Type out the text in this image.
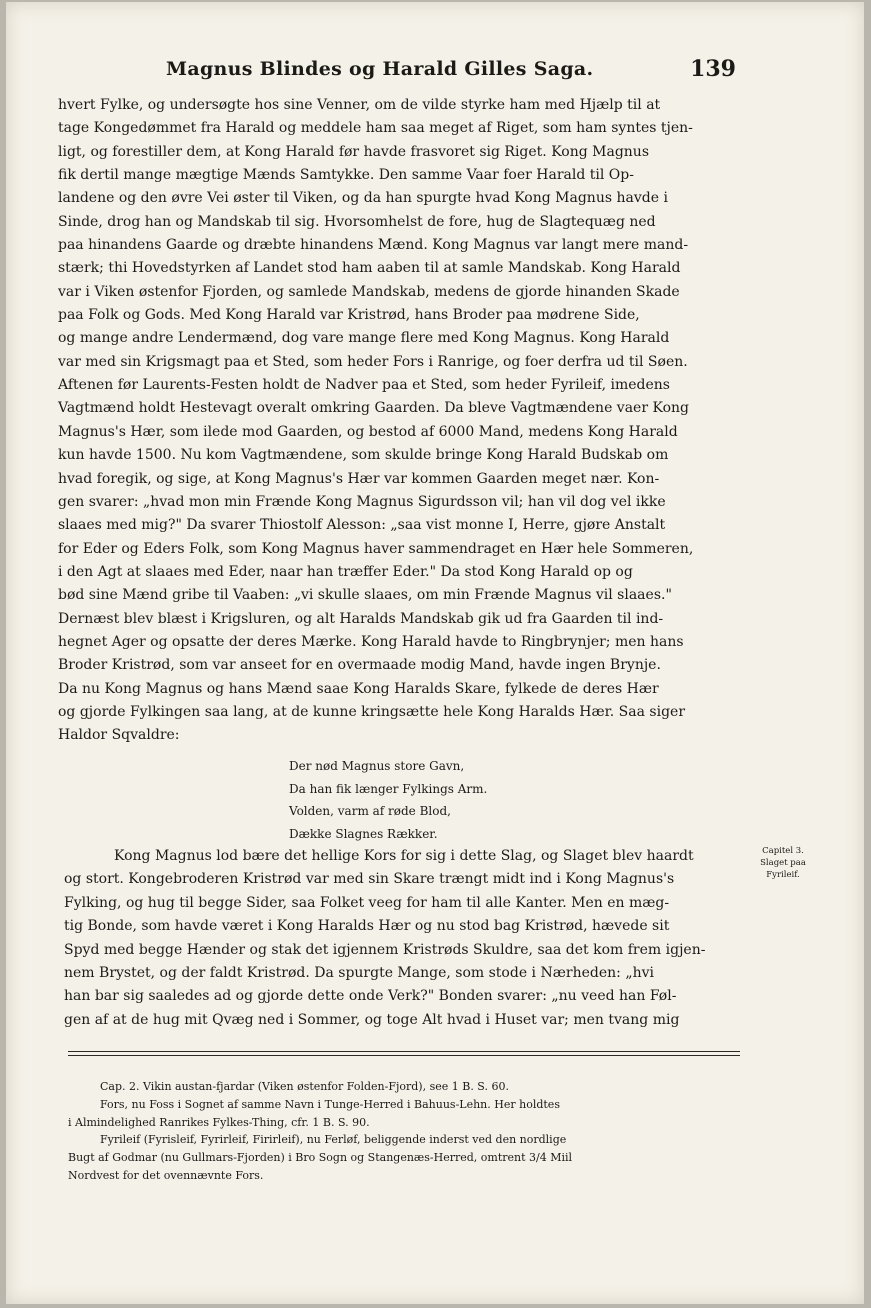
Magnus Blindes og Harald Gilles Saga.	139
hvert Fylke, og undersøgte hos sine Venner, om de vilde styrke ham med Hjælp til at
tage Kongedømmet fra Harald og meddele ham saa meget af Riget, som ham syntes tjen-
ligt, og forestiller dem, at Kong Harald før havde frasvoret sig Riget. Kong Magnus
fik dertil mange mægtige Mænds Samtykke. Den samme Vaar foer Harald til Op-
landene og den øvre Vei øster til Viken, og da han spurgte hvad Kong Magnus havde i
Sinde, drog han og Mandskab til sig. Hvorsomhelst de fore, hug de Slagtequæg ned
paa hinandens Gaarde og dræbte hinandens Mænd. Kong Magnus var langt mere mand-
stærk; thi Hovedstyrken af Landet stod ham aaben til at samle Mandskab. Kong Harald
var i Viken østenfor Fjorden, og samlede Mandskab, medens de gjorde hinanden Skade
paa Folk og Gods. Med Kong Harald var Kristrød, hans Broder paa mødrene Side,
og mange andre Lendermænd, dog vare mange flere med Kong Magnus. Kong Harald
var med sin Krigsmagt paa et Sted, som heder Fors i Ranrige, og foer derfra ud til Søen.
Aftenen før Laurents-Festen holdt de Nadver paa et Sted, som heder Fyrileif, imedens
Vagtmænd holdt Hestevagt overalt omkring Gaarden. Da bleve Vagtmændene vaer Kong
Magnus's Hær, som ilede mod Gaarden, og bestod af 6000 Mand, medens Kong Harald
kun havde 1500. Nu kom Vagtmændene, som skulde bringe Kong Harald Budskab om
hvad foregik, og sige, at Kong Magnus's Hær var kommen Gaarden meget nær. Kon-
gen svarer: „hvad mon min Frænde Kong Magnus Sigurdsson vil; han vil dog vel ikke
slaaes med mig?" Da svarer Thiostolf Alesson: „saa vist monne I, Herre, gjøre Anstalt
for Eder og Eders Folk, som Kong Magnus haver sammendraget en Hær hele Sommeren,
i den Agt at slaaes med Eder, naar han træffer Eder." Da stod Kong Harald op og
bød sine Mænd gribe til Vaaben: „vi skulle slaaes, om min Frænde Magnus vil slaaes."
Dernæst blev blæst i Krigsluren, og alt Haralds Mandskab gik ud fra Gaarden til ind-
hegnet Ager og opsatte der deres Mærke. Kong Harald havde to Ringbrynjer; men hans
Broder Kristrød, som var anseet for en overmaade modig Mand, havde ingen Brynje.
Da nu Kong Magnus og hans Mænd saae Kong Haralds Skare, fylkede de deres Hær
og gjorde Fylkingen saa lang, at de kunne kringsætte hele Kong Haralds Hær. Saa siger
Haldor Sqvaldre:
Der nød Magnus store Gavn,
Da han fik længer Fylkings Arm.
Volden, varm af røde Blod,
Dække Slagnes Rækker.
Kong Magnus lod bære det hellige Kors for sig i dette Slag, og Slaget blev haardt
og stort. Kongebroderen Kristrød var med sin Skare trængt midt ind i Kong Magnus's
Fylking, og hug til begge Sider, saa Folket veeg for ham til alle Kanter. Men en mæg-
tig Bonde, som havde været i Kong Haralds Hær og nu stod bag Kristrød, hævede sit
Spyd med begge Hænder og stak det igjennem Kristrøds Skuldre, saa det kom frem igjen-
nem Brystet, og der faldt Kristrød. Da spurgte Mange, som stode i Nærheden: „hvi
han bar sig saaledes ad og gjorde dette onde Verk?" Bonden svarer: „nu veed han Føl-
gen af at de hug mit Qvæg ned i Sommer, og toge Alt hvad i Huset var; men tvang mig
Capitel 3.
Slaget paa
Fyrileif.
Cap. 2. Vikin austan-fjardar (Viken østenfor Folden-Fjord), see 1 B. S. 60.
Fors, nu Foss i Sognet af samme Navn i Tunge-Herred i Bahuus-Lehn. Her holdtes
i Almindelighed Ranrikes Fylkes-Thing, cfr. 1 B. S. 90.
Fyrileif (Fyrisleif, Fyrirleif, Firirleif), nu Ferløf, beliggende inderst ved den nordlige
Bugt af Godmar (nu Gullmars-Fjorden) i Bro Sogn og Stangenæs-Herred, omtrent 3/4 Miil
Nordvest for det ovennævnte Fors.
